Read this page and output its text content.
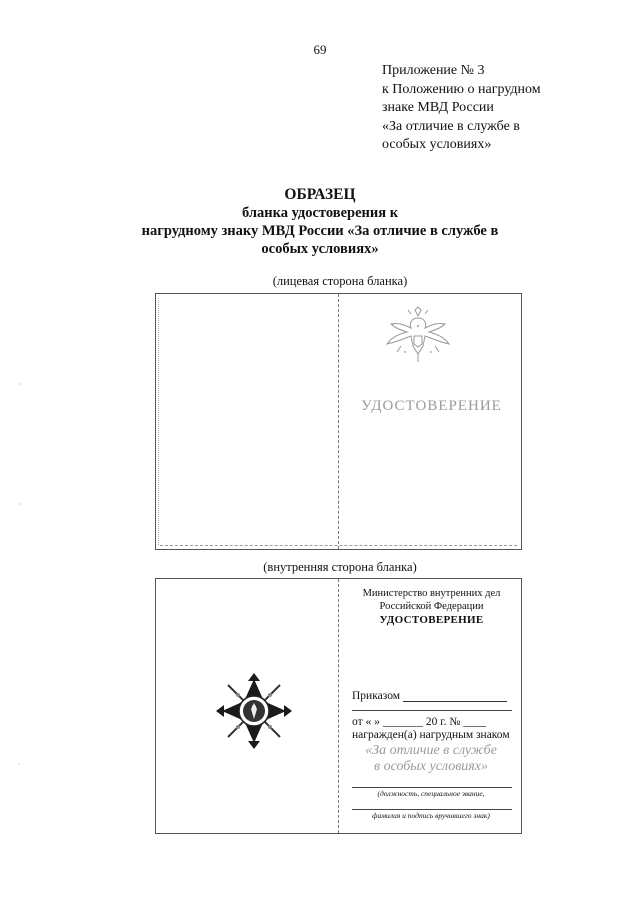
69
Приложение № 3
к Положению о нагрудном
знаке МВД России
«За отличие в службе в
особых условиях»
ОБРАЗЕЦ
бланка удостоверения к
нагрудному знаку МВД России «За отличие в службе в
особых условиях»
(лицевая сторона бланка)
УДОСТОВЕРЕНИЕ
(внутренняя сторона бланка)
Министерство внутренних дел Российской Федерации
УДОСТОВЕРЕНИЕ
Приказом
от « » _______ 20 г. № ____
награжден(а) нагрудным знаком
«За отличие в службе
в особых условиях»
(должность, специальное звание,
фамилия и подпись вручившего знак)
·
·
·
